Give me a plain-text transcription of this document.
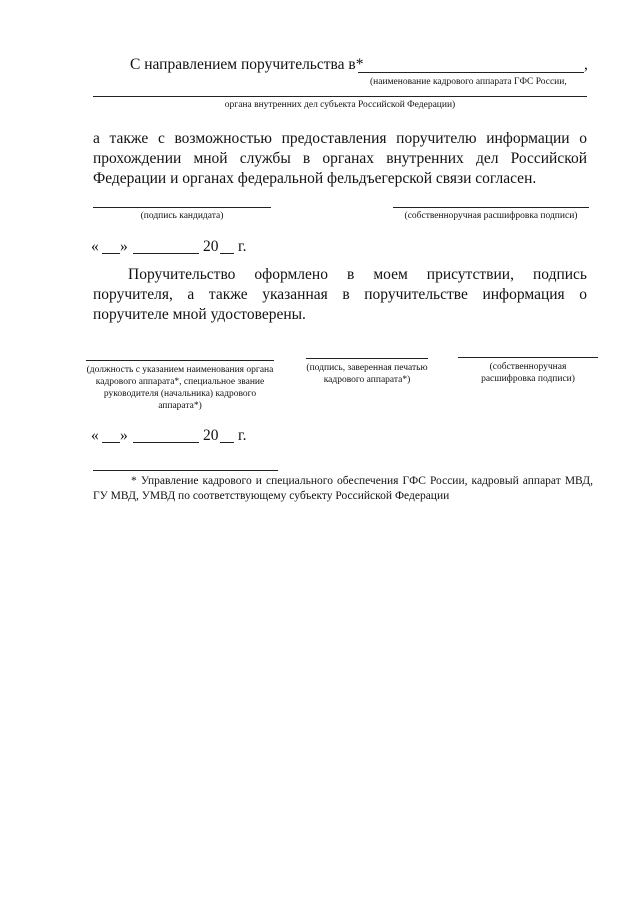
С направлением поручительства в*	,
(наименование кадрового аппарата ГФС России,
органа внутренних дел субъекта Российской Федерации)
а также с возможностью предоставления поручителю информации о прохождении мной службы в органах внутренних дел Российской Федерации и органах федеральной фельдъегерской связи согласен.
(подпись кандидата)	(собственноручная расшифровка подписи)
« »	20 г.
Поручительство оформлено в моем присутствии, подпись поручителя, а также указанная в поручительстве информация о поручителе мной удостоверены.
(должность с указанием наименования органа кадрового аппарата*, специальное звание руководителя (начальника) кадрового аппарата*)
(подпись, заверенная печатью кадрового аппарата*)
(собственноручная расшифровка подписи)
« »	20 г.
* Управление кадрового и специального обеспечения ГФС России, кадровый аппарат МВД, ГУ МВД, УМВД по соответствующему субъекту Российской Федерации
